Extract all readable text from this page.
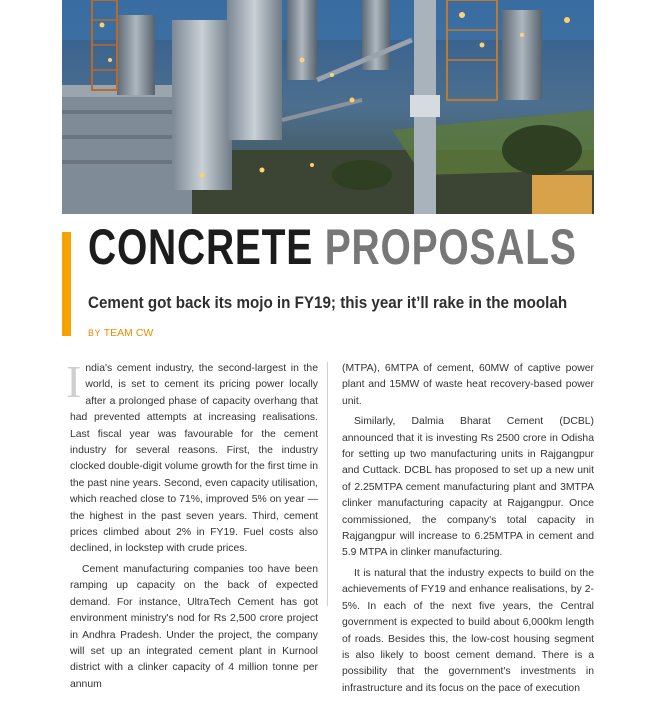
CONCRETE PROPOSALS
Cement got back its mojo in FY19; this year it’ll rake in the moolah
BY TEAM CW

India's cement industry, the second-largest in the world, is set to cement its pricing power locally after a prolonged phase of capacity overhang that had prevented attempts at increasing realisations. Last fiscal year was favourable for the cement industry for several reasons. First, the industry clocked double-digit volume growth for the first time in the past nine years. Second, even capacity utilisation, which reached close to 71%, improved 5% on year — the highest in the past seven years. Third, cement prices climbed about 2% in FY19. Fuel costs also declined, in lockstep with crude prices.

Cement manufacturing companies too have been ramping up capacity on the back of expected demand. For instance, UltraTech Cement has got environment ministry's nod for Rs 2,500 crore project in Andhra Pradesh. Under the project, the company will set up an integrated cement plant in Kurnool district with a clinker capacity of 4 million tonne per annum

(MTPA), 6MTPA of cement, 60MW of captive power plant and 15MW of waste heat recovery-based power unit.

Similarly, Dalmia Bharat Cement (DCBL) announced that it is investing Rs 2500 crore in Odisha for setting up two manufacturing units in Rajgangpur and Cuttack. DCBL has proposed to set up a new unit of 2.25MTPA cement manufacturing plant and 3MTPA clinker manufacturing capacity at Rajgangpur. Once commissioned, the company's total capacity in Rajgangpur will increase to 6.25MTPA in cement and 5.9 MTPA in clinker manufacturing.

It is natural that the industry expects to build on the achievements of FY19 and enhance realisations, by 2-5%. In each of the next five years, the Central government is expected to build about 6,000km length of roads. Besides this, the low-cost housing segment is also likely to boost cement demand. There is a possibility that the government's investments in infrastructure and its focus on the pace of execution
